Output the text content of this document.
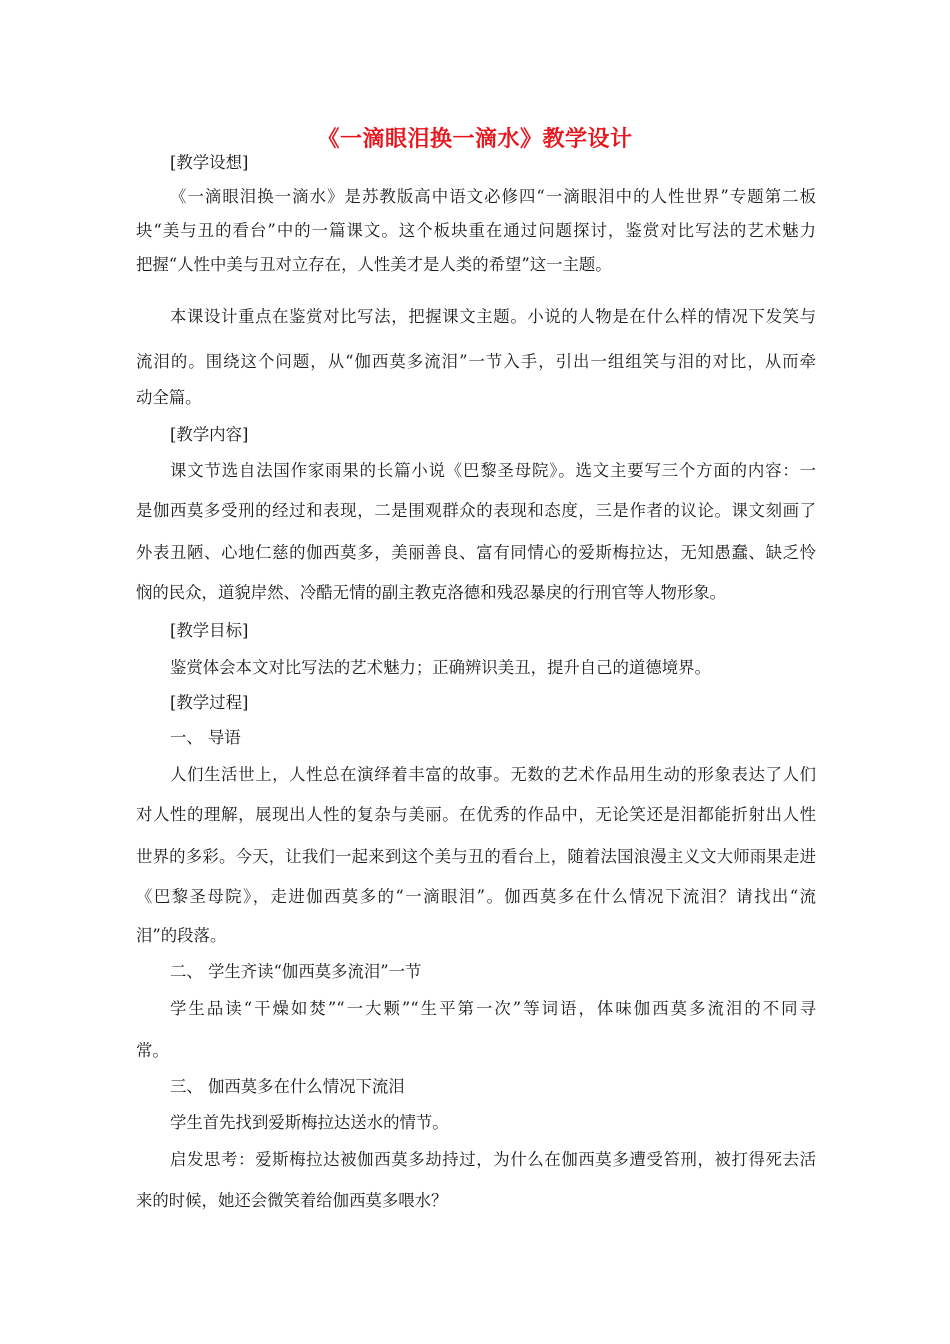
《一滴眼泪换一滴水》教学设计
[教学设想]
《一滴眼泪换一滴水》是苏教版高中语文必修四“一滴眼泪中的人性世界”专题第二板
块“美与丑的看台”中的一篇课文。这个板块重在通过问题探讨，鉴赏对比写法的艺术魅力
把握“人性中美与丑对立存在，人性美才是人类的希望”这一主题。
本课设计重点在鉴赏对比写法，把握课文主题。小说的人物是在什么样的情况下发笑与
流泪的。围绕这个问题，从“伽西莫多流泪”一节入手，引出一组组笑与泪的对比，从而牵
动全篇。
[教学内容]
课文节选自法国作家雨果的长篇小说《巴黎圣母院》。选文主要写三个方面的内容：一
是伽西莫多受刑的经过和表现，二是围观群众的表现和态度，三是作者的议论。课文刻画了
外表丑陋、心地仁慈的伽西莫多，美丽善良、富有同情心的爱斯梅拉达，无知愚蠢、缺乏怜
悯的民众，道貌岸然、冷酷无情的副主教克洛德和残忍暴戾的行刑官等人物形象。
[教学目标]
鉴赏体会本文对比写法的艺术魅力；正确辨识美丑，提升自己的道德境界。
[教学过程]
一、 导语
人们生活世上，人性总在演绎着丰富的故事。无数的艺术作品用生动的形象表达了人们
对人性的理解，展现出人性的复杂与美丽。在优秀的作品中，无论笑还是泪都能折射出人性
世界的多彩。今天，让我们一起来到这个美与丑的看台上，随着法国浪漫主义文大师雨果走进
《巴黎圣母院》，走进伽西莫多的“一滴眼泪”。伽西莫多在什么情况下流泪？请找出“流
泪”的段落。
二、 学生齐读“伽西莫多流泪”一节
学生品读“干燥如焚”“一大颗”“生平第一次”等词语，体味伽西莫多流泪的不同寻
常。
三、 伽西莫多在什么情况下流泪
学生首先找到爱斯梅拉达送水的情节。
启发思考：爱斯梅拉达被伽西莫多劫持过，为什么在伽西莫多遭受笞刑，被打得死去活
来的时候，她还会微笑着给伽西莫多喂水？
